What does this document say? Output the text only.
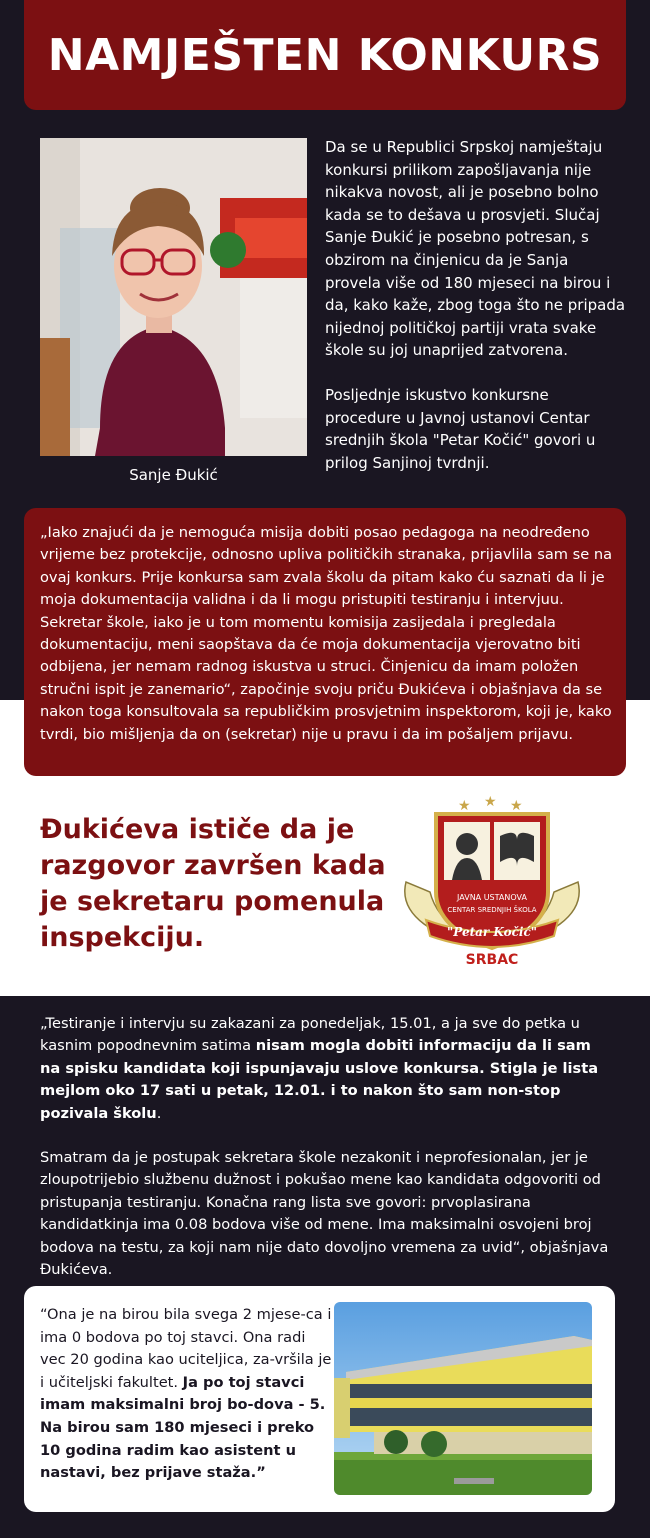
NAMJEŠTEN KONKURS
Sanje Đukić

Da se u Republici Srpskoj namještaju konkursi prilikom zapošljavanja nije nikakva novost, ali je posebno bolno kada se to dešava u prosvjeti. Slučaj Sanje Đukić je posebno potresan, s obzirom na činjenicu da je Sanja provela više od 180 mjeseci na birou i da, kako kaže, zbog toga što ne pripada nijednoj političkoj partiji vrata svake škole su joj unaprijed zatvorena.

Posljednje iskustvo konkursne procedure u Javnoj ustanovi Centar srednjih škola "Petar Kočić" govori u prilog Sanjinoj tvrdnji.

„Iako znajući da je nemoguća misija dobiti posao pedagoga na neodređeno vrijeme bez protekcije, odnosno upliva političkih stranaka, prijavlila sam se na ovaj konkurs. Prije konkursa sam zvala školu da pitam kako ću saznati da li je moja dokumentacija validna i da li mogu pristupiti testiranju i intervjuu. Sekretar škole, iako je u tom momentu komisija zasijedala i pregledala dokumentaciju, meni saopštava da će moja dokumentacija vjerovatno biti odbijena, jer nemam radnog iskustva u struci. Činjenicu da imam položen stručni ispit je zanemario“, započinje svoju priču Đukićeva i objašnjava da se nakon toga konsultovala sa republičkim prosvjetnim inspektorom, koji je, kako tvrdi, bio mišljenja da on (sekretar) nije u pravu i da im pošaljem prijavu.
Đukićeva ističe da je razgovor završen kada je sekretaru pomenula inspekciju.
★ ★ ★
JAVNA USTANOVA
CENTAR SREDNJIH ŠKOLA
"Petar Kočić"
SRBAC

„Testiranje i intervju su zakazani za ponedeljak, 15.01, a ja sve do petka u kasnim popodnevnim satima nisam mogla dobiti informaciju da li sam na spisku kandidata koji ispunjavaju uslove konkursa. Stigla je lista mejlom oko 17 sati u petak, 12.01. i to nakon što sam non-stop pozivala školu.

Smatram da je postupak sekretara škole nezakonit i neprofesionalan, jer je zloupotrijebio službenu dužnost i pokušao mene kao kandidata odgovoriti od pristupanja testiranju. Konačna rang lista sve govori: prvoplasirana kandidatkinja ima 0.08 bodova više od mene. Ima maksimalni osvojeni broj bodova na testu, za koji nam nije dato dovoljno vremena za uvid“, objašnjava Đukićeva.

“Ona je na birou bila svega 2 mjese-ca i ima 0 bodova po toj stavci. Ona radi vec 20 godina kao uciteljica, za-vršila je i učiteljski fakultet. Ja po toj stavci imam maksimalni broj bo-dova - 5. Na birou sam 180 mjeseci i preko 10 godina radim kao asistent u nastavi, bez prijave staža.”
